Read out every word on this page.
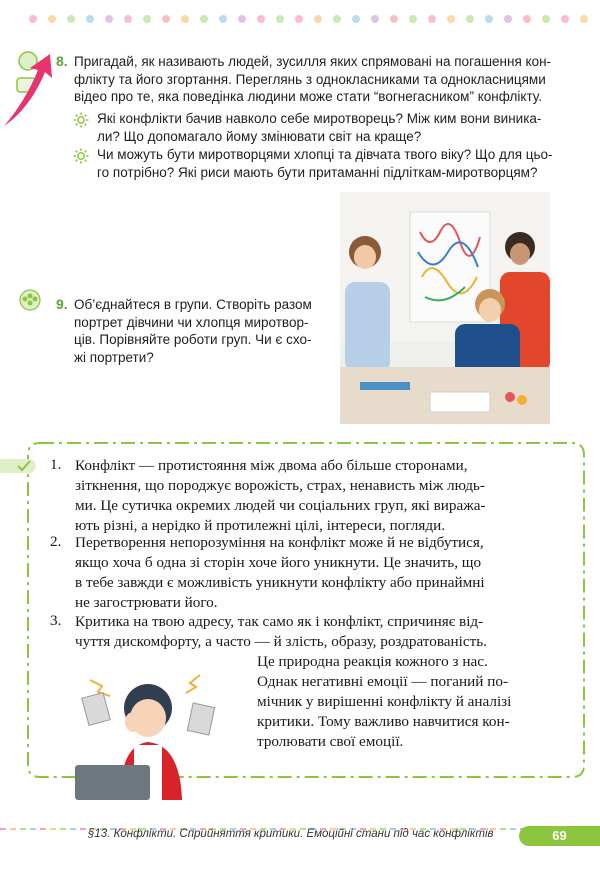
8. Пригадай, як називають людей, зусилля яких спрямовані на погашення кон-
флікту та його згортання. Переглянь з однокласниками та однокласницями
відео про те, яка поведінка людини може стати “вогнегасником” конфлікту.
Які конфлікти бачив навколо себе миротворець? Між ким вони виника-
ли? Що допомагало йому змінювати світ на краще?
Чи можуть бути миротворцями хлопці та дівчата твого віку? Що для цьо-
го потрібно? Які риси мають бути притаманні підліткам-миротворцям?
9. Об’єднайтеся в групи. Створіть разом
портрет дівчини чи хлопця миротвор-
ців. Порівняйте роботи груп. Чи є схо-
жі портрети?
1. Конфлікт — протистояння між двома або більше сторонами,
зіткнення, що породжує ворожість, страх, ненависть між людь-
ми. Це сутичка окремих людей чи соціальних груп, які виража-
ють різні, а нерідко й протилежні цілі, інтереси, погляди.
2. Перетворення непорозуміння на конфлікт може й не відбутися,
якщо хоча б одна зі сторін хоче його уникнути. Це значить, що
в тебе завжди є можливість уникнути конфлікту або принаймні
не загострювати його.
3. Критика на твою адресу, так само як і конфлікт, спричиняє від-
чуття дискомфорту, а часто — й злість, образу, роздратованість.
Це природна реакція кожного з нас.
Однак негативні емоції — поганий по-
мічник у вирішенні конфлікту й аналізі
критики. Тому важливо навчитися кон-
тролювати свої емоції.
§13. Конфлікти. Сприйняття критики. Емоційні стани під час конфліктів	69
